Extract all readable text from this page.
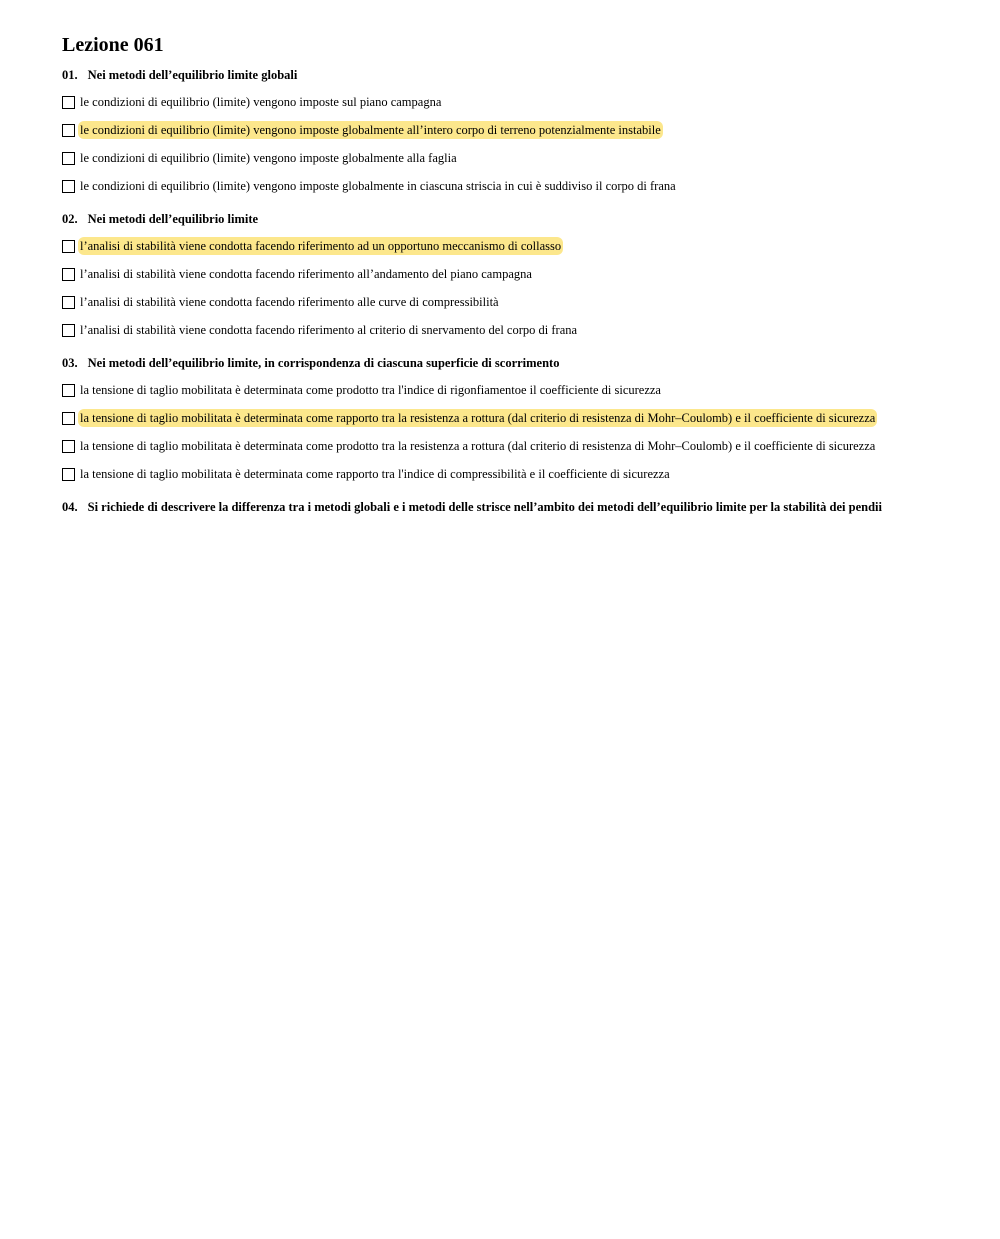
Lezione 061
01. Nei metodi dell’equilibrio limite globali
le condizioni di equilibrio (limite) vengono imposte sul piano campagna
le condizioni di equilibrio (limite) vengono imposte globalmente all’intero corpo di terreno potenzialmente instabile
le condizioni di equilibrio (limite) vengono imposte globalmente alla faglia
le condizioni di equilibrio (limite) vengono imposte globalmente in ciascuna striscia in cui è suddiviso il corpo di frana
02. Nei metodi dell’equilibrio limite
l’analisi di stabilità viene condotta facendo riferimento ad un opportuno meccanismo di collasso
l’analisi di stabilità viene condotta facendo riferimento all’andamento del piano campagna
l’analisi di stabilità viene condotta facendo riferimento alle curve di compressibilità
l’analisi di stabilità viene condotta facendo riferimento al criterio di snervamento del corpo di frana
03. Nei metodi dell’equilibrio limite, in corrispondenza di ciascuna superficie di scorrimento
la tensione di taglio mobilitata è determinata come prodotto tra l'indice di rigonfiamentoe il coefficiente di sicurezza
la tensione di taglio mobilitata è determinata come rapporto tra la resistenza a rottura (dal criterio di resistenza di Mohr–Coulomb) e il coefficiente di sicurezza
la tensione di taglio mobilitata è determinata come prodotto tra la resistenza a rottura (dal criterio di resistenza di Mohr–Coulomb) e il coefficiente di sicurezza
la tensione di taglio mobilitata è determinata come rapporto tra l'indice di compressibilità e il coefficiente di sicurezza
04. Si richiede di descrivere la differenza tra i metodi globali e i metodi delle strisce nell’ambito dei metodi dell’equilibrio limite per la stabilità dei pendii
